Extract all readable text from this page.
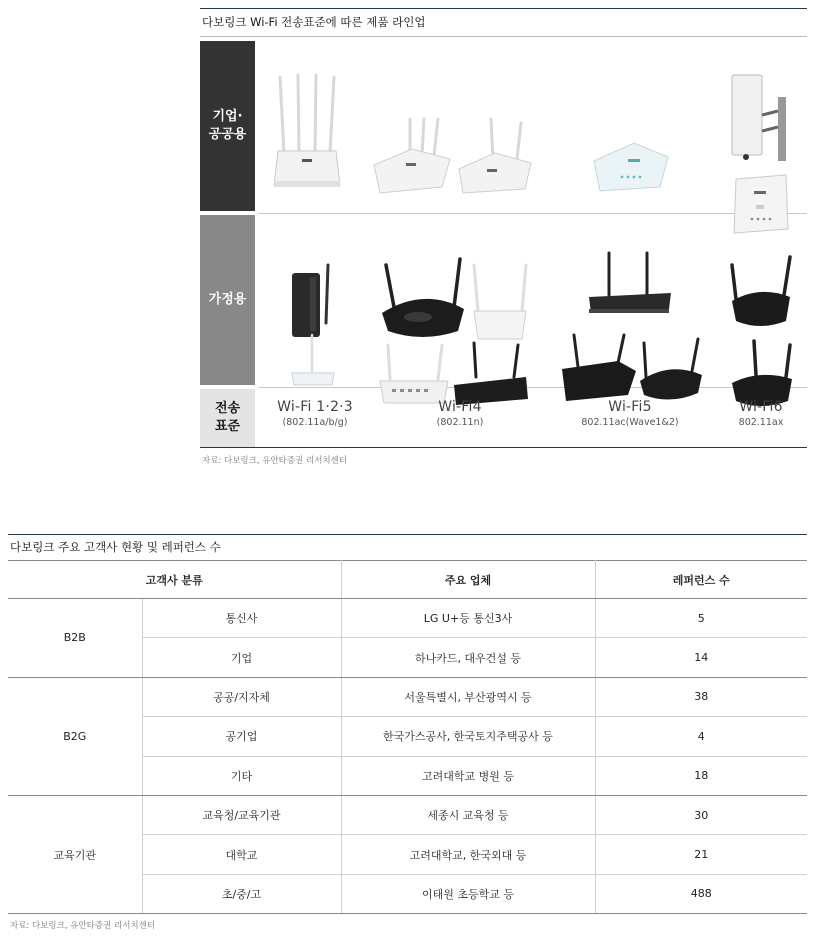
다보링크 Wi-Fi 전송표준에 따른 제품 라인업
기업·
공공용
가정용
전송
표준
Wi-Fi 1·2·3
(802.11a/b/g)
Wi-Fi4
(802.11n)
Wi-Fi5
802.11ac(Wave1&2)
Wi-Fi6
802.11ax
자료: 다보링크, 유안타증권 리서치센터
다보링크 주요 고객사 현황 및 레퍼런스 수
고객사 분류		주요 업체	레퍼런스 수
B2B	통신사	LG U+등 통신3사	5
	기업	하나카드, 대우건설 등	14
B2G	공공/지자체	서울특별시, 부산광역시 등	38
	공기업	한국가스공사, 한국토지주택공사 등	4
	기타	고려대학교 병원 등	18
교육기관	교육청/교육기관	세종시 교육청 등	30
	대학교	고려대학교, 한국외대 등	21
	초/중/고	이태원 초등학교 등	488
자료: 다보링크, 유안타증권 리서치센터
